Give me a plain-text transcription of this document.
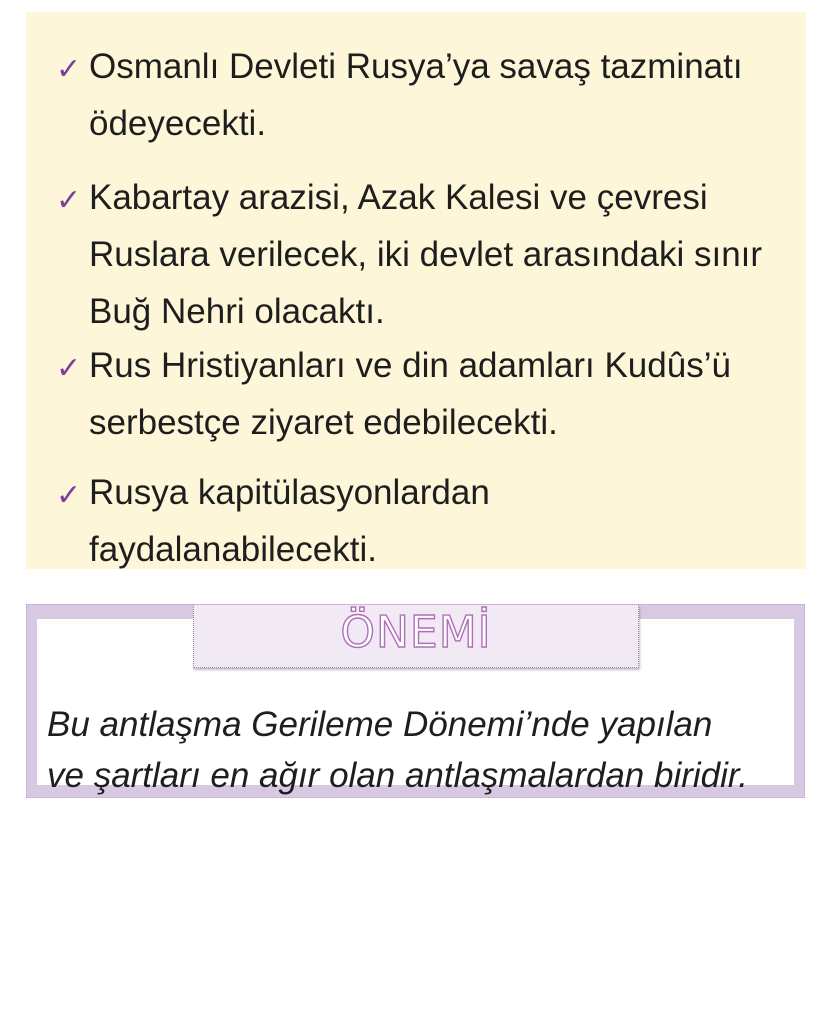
✓ Osmanlı Devleti Rusya’ya savaş tazminatı
ödeyecekti.
✓ Kabartay arazisi, Azak Kalesi ve çevresi
Ruslara verilecek, iki devlet arasındaki sınır
Buğ Nehri olacaktı.
✓ Rus Hristiyanları ve din adamları Kudûs’ü
serbestçe ziyaret edebilecekti.
✓ Rusya kapitülasyonlardan
faydalanabilecekti.
Bu antlaşma Gerileme Dönemi’nde yapılan
ve şartları en ağır olan antlaşmalardan biridir.
ÖNEMİ
